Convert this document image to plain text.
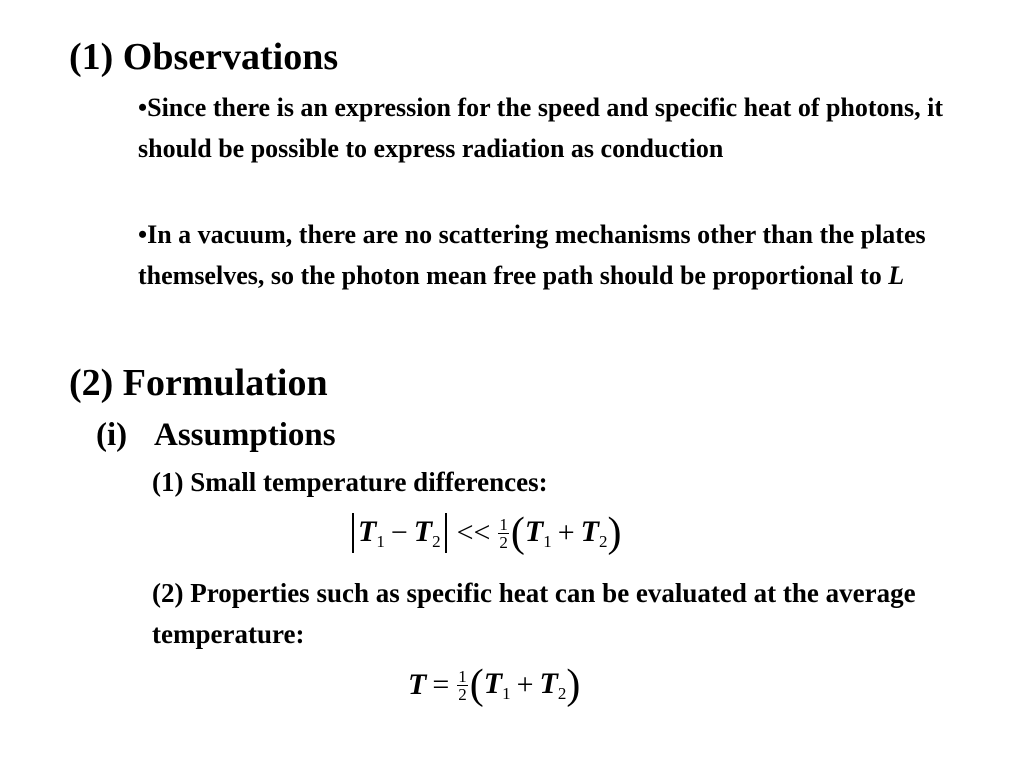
(1) Observations
•Since there is an expression for the speed and specific heat of photons, it should be possible to express radiation as conduction
•In a vacuum, there are no scattering mechanisms other than the plates themselves, so the photon mean free path should be proportional to L
(2) Formulation
(i) Assumptions
(1) Small temperature differences:
$T_1 - T_2 << \frac{1}{2}$ ( $T_1 + T_2$ )
(2) Properties such as specific heat can be evaluated at the average temperature:
$T = \frac{1}{2}$ ( $T_1 + T_2$ )
